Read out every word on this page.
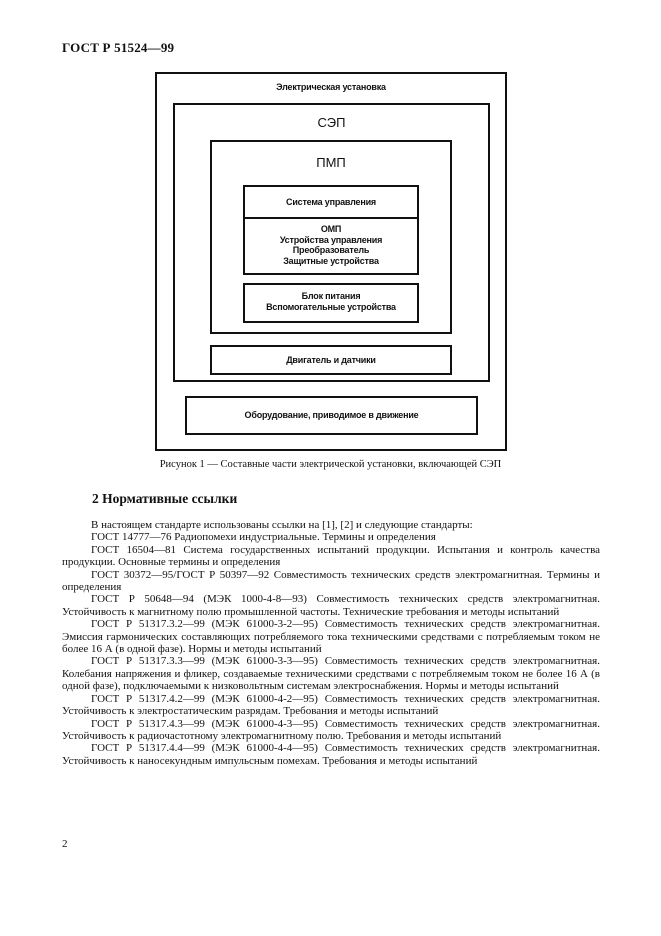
ГОСТ Р 51524—99
Электрическая установка
СЭП
ПМП
Система управления
ОМП
Устройства управления
Преобразователь
Защитные устройства
Блок питания
Вспомогательные устройства
Двигатель и датчики
Оборудование, приводимое в движение
Рисунок 1 — Составные части электрической установки, включающей СЭП
2 Нормативные ссылки

В настоящем стандарте использованы ссылки на [1], [2] и следующие стандарты:

ГОСТ 14777—76 Радиопомехи индустриальные. Термины и определения

ГОСТ 16504—81 Система государственных испытаний продукции. Испытания и контроль качества продукции. Основные термины и определения

ГОСТ 30372—95/ГОСТ Р 50397—92 Совместимость технических средств электромагнитная. Термины и определения

ГОСТ Р 50648—94 (МЭК 1000-4-8—93) Совместимость технических средств электромагнитная. Устойчивость к магнитному полю промышленной частоты. Технические требования и методы испытаний

ГОСТ Р 51317.3.2—99 (МЭК 61000-3-2—95) Совместимость технических средств электромагнитная. Эмиссия гармонических составляющих потребляемого тока техническими средствами с потребляемым током не более 16 А (в одной фазе). Нормы и методы испытаний

ГОСТ Р 51317.3.3—99 (МЭК 61000-3-3—95) Совместимость технических средств электромагнитная. Колебания напряжения и фликер, создаваемые техническими средствами с потребляемым током не более 16 А (в одной фазе), подключаемыми к низковольтным системам электроснабжения. Нормы и методы испытаний

ГОСТ Р 51317.4.2—99 (МЭК 61000-4-2—95) Совместимость технических средств электромагнитная. Устойчивость к электростатическим разрядам. Требования и методы испытаний

ГОСТ Р 51317.4.3—99 (МЭК 61000-4-3—95) Совместимость технических средств электромагнитная. Устойчивость к радиочастотному электромагнитному полю. Требования и методы испытаний

ГОСТ Р 51317.4.4—99 (МЭК 61000-4-4—95) Совместимость технических средств электромагнитная. Устойчивость к наносекундным импульсным помехам. Требования и методы испытаний

2
